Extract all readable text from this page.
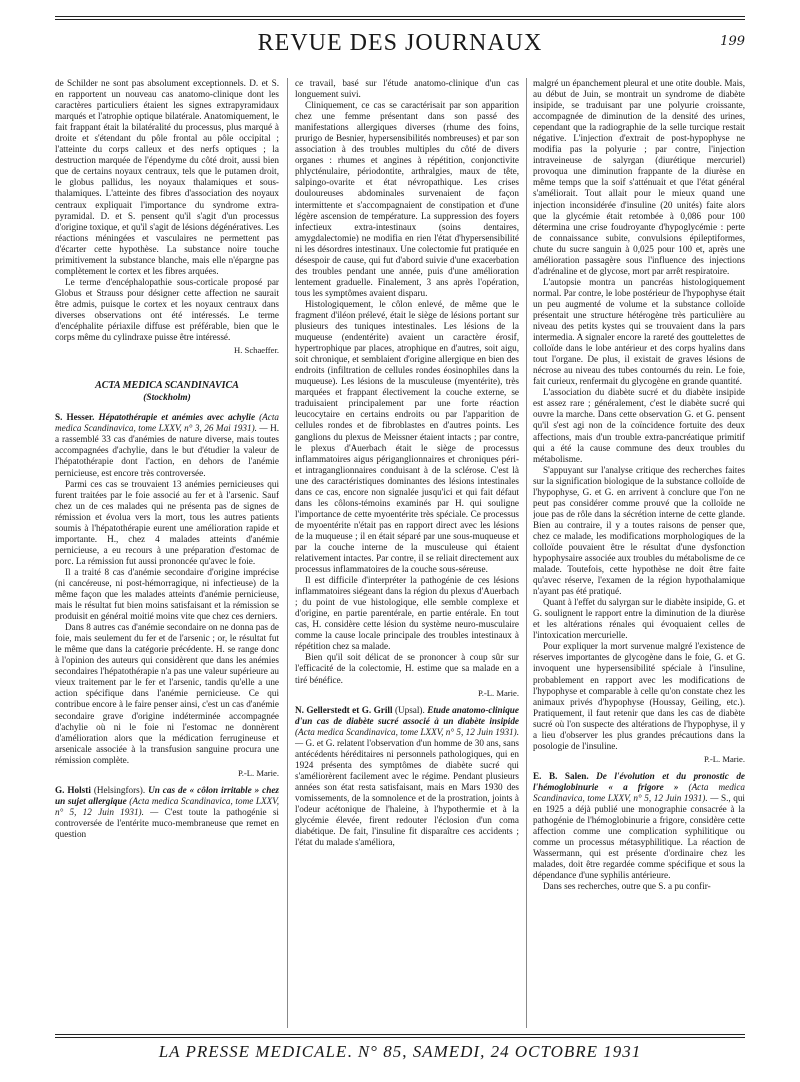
REVUE DES JOURNAUX	199

de Schilder ne sont pas absolument exceptionnels. D. et S. en rapportent un nouveau cas anatomo-clinique dont les caractères particuliers étaient les signes extrapyramidaux marqués et l'atrophie optique bilatérale. Anatomiquement, le fait frappant était la bilatéralité du processus, plus marqué à droite et s'étendant du pôle frontal au pôle occipital ; l'atteinte du corps calleux et des nerfs optiques ; la destruction marquée de l'épendyme du côté droit, aussi bien que de certains noyaux centraux, tels que le putamen droit, le globus pallidus, les noyaux thalamiques et sous-thalamiques. L'atteinte des fibres d'association des noyaux centraux expliquait l'importance du syndrome extra-pyramidal. D. et S. pensent qu'il s'agit d'un processus d'origine toxique, et qu'il s'agit de lésions dégénératives. Les réactions méningées et vasculaires ne permettent pas d'écarter cette hypothèse. La substance noire touche primitivement la substance blanche, mais elle n'épargne pas complètement le cortex et les fibres arquées.

Le terme d'encéphalopathie sous-corticale proposé par Globus et Strauss pour désigner cette affection ne saurait être admis, puisque le cortex et les noyaux centraux dans diverses observations ont été intéressés. Le terme d'encéphalite périaxile diffuse est préférable, bien que le corps même du cylindraxe puisse être intéressé.

H. Schaeffer.
ACTA MEDICA SCANDINAVICA
(Stockholm)

S. Hesser. Hépatothérapie et anémies avec achylie (Acta medica Scandinavica, tome LXXV, n° 3, 26 Mai 1931). — H. a rassemblé 33 cas d'anémies de nature diverse, mais toutes accompagnées d'achylie, dans le but d'étudier la valeur de l'hépatothérapie dont l'action, en dehors de l'anémie pernicieuse, est encore très controversée.

Parmi ces cas se trouvaient 13 anémies pernicieuses qui furent traitées par le foie associé au fer et à l'arsenic. Sauf chez un de ces malades qui ne présenta pas de signes de rémission et évolua vers la mort, tous les autres patients soumis à l'hépatothérapie eurent une amélioration rapide et importante. H., chez 4 malades atteints d'anémie pernicieuse, a eu recours à une préparation d'estomac de porc. La rémission fut aussi prononcée qu'avec le foie.

Il a traité 8 cas d'anémie secondaire d'origine imprécise (ni cancéreuse, ni post-hémorragique, ni infectieuse) de la même façon que les malades atteints d'anémie pernicieuse, mais le résultat fut bien moins satisfaisant et la rémission se produisit en général moitié moins vite que chez ces derniers.

Dans 8 autres cas d'anémie secondaire on ne donna pas de foie, mais seulement du fer et de l'arsenic ; or, le résultat fut le même que dans la catégorie précédente. H. se range donc à l'opinion des auteurs qui considèrent que dans les anémies secondaires l'hépatothérapie n'a pas une valeur supérieure au vieux traitement par le fer et l'arsenic, tandis qu'elle a une action spécifique dans l'anémie pernicieuse. Ce qui contribue encore à le faire penser ainsi, c'est un cas d'anémie secondaire grave d'origine indéterminée accompagnée d'achylie où ni le foie ni l'estomac ne donnèrent d'amélioration alors que la médication ferrugineuse et arsenicale associée à la transfusion sanguine procura une rémission complète.

P.-L. Marie.

G. Holsti (Helsingfors). Un cas de « côlon irritable » chez un sujet allergique (Acta medica Scandinavica, tome LXXV, n° 5, 12 Juin 1931). — C'est toute la pathogénie si controversée de l'entérite muco-membraneuse que remet en question

ce travail, basé sur l'étude anatomo-clinique d'un cas longuement suivi.

Cliniquement, ce cas se caractérisait par son apparition chez une femme présentant dans son passé des manifestations allergiques diverses (rhume des foins, prurigo de Besnier, hypersensibilités nombreuses) et par son association à des troubles multiples du côté de divers organes : rhumes et angines à répétition, conjonctivite phlycténulaire, périodontite, arthralgies, maux de tête, salpingo-ovarite et état névropathique. Les crises douloureuses abdominales survenaient de façon intermittente et s'accompagnaient de constipation et d'une légère ascension de température. La suppression des foyers infectieux extra-intestinaux (soins dentaires, amygdalectomie) ne modifia en rien l'état d'hypersensibilité ni les désordres intestinaux. Une colectomie fut pratiquée en désespoir de cause, qui fut d'abord suivie d'une exacerbation des troubles pendant une année, puis d'une amélioration lentement graduelle. Finalement, 3 ans après l'opération, tous les symptômes avaient disparu.

Histologiquement, le côlon enlevé, de même que le fragment d'iléon prélevé, était le siège de lésions portant sur plusieurs des tuniques intestinales. Les lésions de la muqueuse (endentérite) avaient un caractère érosif, hypertrophique par places, atrophique en d'autres, soit aigu, soit chronique, et semblaient d'origine allergique en bien des endroits (infiltration de cellules rondes éosinophiles dans la muqueuse). Les lésions de la musculeuse (myentérite), très marquées et frappant électivement la couche externe, se traduisaient principalement par une forte réaction leucocytaire en certains endroits ou par l'apparition de cellules rondes et de fibroblastes en d'autres points. Les ganglions du plexus de Meissner étaient intacts ; par contre, le plexus d'Auerbach était le siège de processus inflammatoires aigus périganglionnaires et chroniques péri- et intraganglionnaires conduisant à de la sclérose. C'est là une des caractéristiques dominantes des lésions intestinales dans ce cas, encore non signalée jusqu'ici et qui fait défaut dans les côlons-témoins examinés par H. qui souligne l'importance de cette myoentérite très spéciale. Ce processus de myoentérite n'était pas en rapport direct avec les lésions de la muqueuse ; il en était séparé par une sous-muqueuse et par la couche interne de la musculeuse qui étaient relativement intactes. Par contre, il se reliait directement aux processus inflammatoires de la couche sous-séreuse.

Il est difficile d'interpréter la pathogénie de ces lésions inflammatoires siégeant dans la région du plexus d'Auerbach ; du point de vue histologique, elle semble complexe et d'origine, en partie parentérale, en partie entérale. En tout cas, H. considère cette lésion du système neuro-musculaire comme la cause locale principale des troubles intestinaux à répétition chez sa malade.

Bien qu'il soit délicat de se prononcer à coup sûr sur l'efficacité de la colectomie, H. estime que sa malade en a tiré bénéfice.

P.-L. Marie.

N. Gellerstedt et G. Grill (Upsal). Etude anatomo-clinique d'un cas de diabète sucré associé à un diabète insipide (Acta medica Scandinavica, tome LXXV, n° 5, 12 Juin 1931). — G. et G. relatent l'observation d'un homme de 30 ans, sans antécédents héréditaires ni personnels pathologiques, qui en 1924 présenta des symptômes de diabète sucré qui s'améliorèrent facilement avec le régime. Pendant plusieurs années son état resta satisfaisant, mais en Mars 1930 des vomissements, de la somnolence et de la prostration, joints à l'odeur acétonique de l'haleine, à l'hypothermie et à la glycémie élevée, firent redouter l'éclosion d'un coma diabétique. De fait, l'insuline fit disparaître ces accidents ; l'état du malade s'améliora,

malgré un épanchement pleural et une otite double. Mais, au début de Juin, se montrait un syndrome de diabète insipide, se traduisant par une polyurie croissante, accompagnée de diminution de la densité des urines, cependant que la radiographie de la selle turcique restait négative. L'injection d'extrait de post-hypophyse ne modifia pas la polyurie ; par contre, l'injection intraveineuse de salyrgan (diurétique mercuriel) provoqua une diminution frappante de la diurèse en même temps que la soif s'atténuait et que l'état général s'améliorait. Tout allait pour le mieux quand une injection inconsidérée d'insuline (20 unités) faite alors que la glycémie était retombée à 0,086 pour 100 détermina une crise foudroyante d'hypoglycémie : perte de connaissance subite, convulsions épileptiformes, chute du sucre sanguin à 0,025 pour 100 et, après une amélioration passagère sous l'influence des injections d'adrénaline et de glycose, mort par arrêt respiratoire.

L'autopsie montra un pancréas histologiquement normal. Par contre, le lobe postérieur de l'hypophyse était un peu augmenté de volume et la substance colloïde présentait une structure hétérogène très particulière au niveau des petits kystes qui se trouvaient dans la pars intermedia. A signaler encore la rareté des gouttelettes de colloïde dans le lobe antérieur et des corps hyalins dans tout l'organe. De plus, il existait de graves lésions de nécrose au niveau des tubes contournés du rein. Le foie, fait curieux, renfermait du glycogène en grande quantité.

L'association du diabète sucré et du diabète insipide est assez rare ; généralement, c'est le diabète sucré qui ouvre la marche. Dans cette observation G. et G. pensent qu'il s'est agi non de la coïncidence fortuite des deux affections, mais d'un trouble extra-pancréatique primitif qui a été la cause commune des deux troubles du métabolisme.

S'appuyant sur l'analyse critique des recherches faites sur la signification biologique de la substance colloïde de l'hypophyse, G. et G. en arrivent à conclure que l'on ne peut pas considérer comme prouvé que la colloïde ne joue pas de rôle dans la sécrétion interne de cette glande. Bien au contraire, il y a toutes raisons de penser que, chez ce malade, les modifications morphologiques de la colloïde pouvaient être le résultat d'une dysfonction hypophysaire associée aux troubles du métabolisme de ce malade. Toutefois, cette hypothèse ne doit être faite qu'avec réserve, l'examen de la région hypothalamique n'ayant pas été pratiqué.

Quant à l'effet du salyrgan sur le diabète insipide, G. et G. soulignent le rapport entre la diminution de la diurèse et les altérations rénales qui évoquaient celles de l'intoxication mercurielle.

Pour expliquer la mort survenue malgré l'existence de réserves importantes de glycogène dans le foie, G. et G. invoquent une hypersensibilité spéciale à l'insuline, probablement en rapport avec les modifications de l'hypophyse et comparable à celle qu'on constate chez les animaux privés d'hypophyse (Houssay, Geiling, etc.). Pratiquement, il faut retenir que dans les cas de diabète sucré où l'on suspecte des altérations de l'hypophyse, il y a lieu d'observer les plus grandes précautions dans la posologie de l'insuline.

P.-L. Marie.

E. B. Salen. De l'évolution et du pronostic de l'hémoglobinurie « a frigore » (Acta medica Scandinavica, tome LXXV, n° 5, 12 Juin 1931). — S., qui en 1925 a déjà publié une monographie consacrée à la pathogénie de l'hémoglobinurie a frigore, considère cette affection comme une complication syphilitique ou comme un processus métasyphilitique. La réaction de Wassermann, qui est présente d'ordinaire chez les malades, doit être regardée comme spécifique et sous la dépendance d'une syphilis antérieure.

Dans ses recherches, outre que S. a pu confir-

LA PRESSE MEDICALE. N° 85, SAMEDI, 24 OCTOBRE 1931
